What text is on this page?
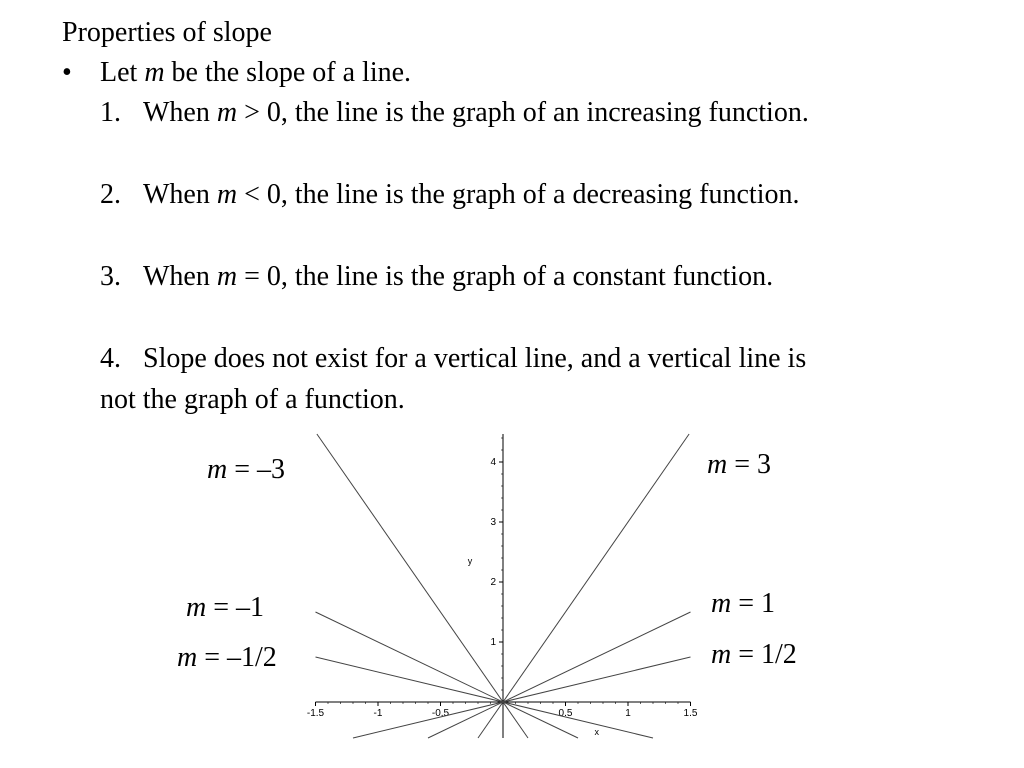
Properties of slope
• Let m be the slope of a line.
1. When m > 0, the line is the graph of an increasing function.
2. When m < 0, the line is the graph of a decreasing function.
3. When m = 0, the line is the graph of a constant function.
4. Slope does not exist for a vertical line, and a vertical line is
not the graph of a function.
-1.5	-1	-0.5	0.5	1	1.5
1
2
3
4
x
y
m = 3
m = 1
m = 1/2
m = –3
m = –1
m = –1/2
